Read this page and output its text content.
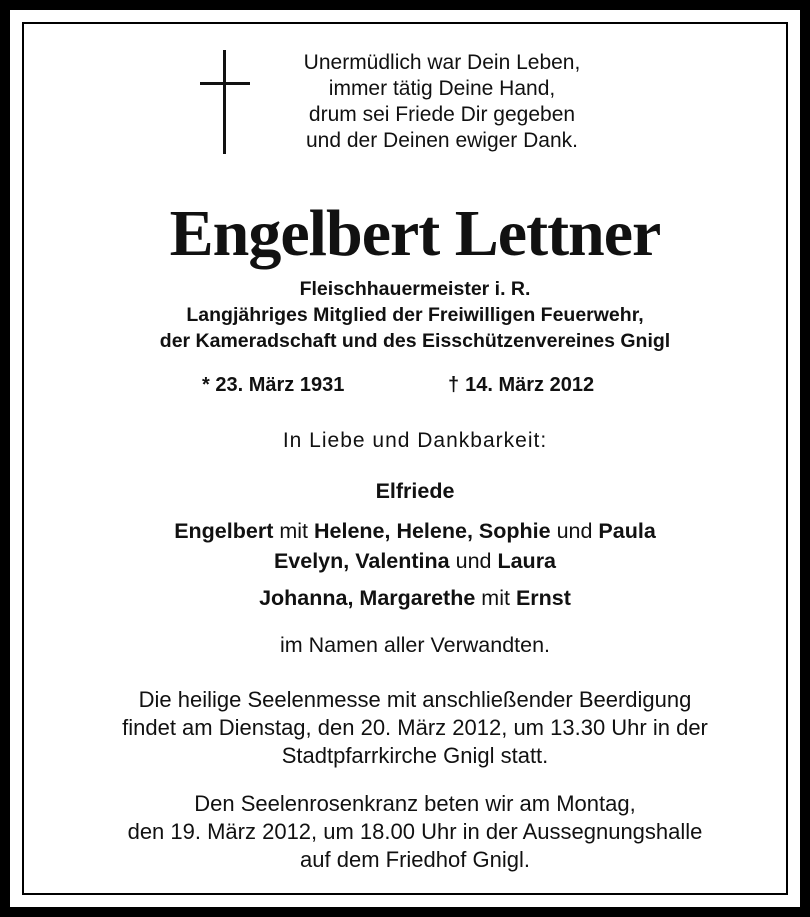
Unermüdlich war Dein Leben,
immer tätig Deine Hand,
drum sei Friede Dir gegeben
und der Deinen ewiger Dank.
Engelbert Lettner
Fleischhauermeister i. R.
Langjähriges Mitglied der Freiwilligen Feuerwehr,
der Kameradschaft und des Eisschützenvereines Gnigl
* 23. März 1931	† 14. März 2012
In Liebe und Dankbarkeit:
Elfriede
Engelbert mit Helene, Helene, Sophie und Paula
Evelyn, Valentina und Laura
Johanna, Margarethe mit Ernst
im Namen aller Verwandten.
Die heilige Seelenmesse mit anschließender Beerdigung
findet am Dienstag, den 20. März 2012, um 13.30 Uhr in der
Stadtpfarrkirche Gnigl statt.
Den Seelenrosenkranz beten wir am Montag,
den 19. März 2012, um 18.00 Uhr in der Aussegnungshalle
auf dem Friedhof Gnigl.
